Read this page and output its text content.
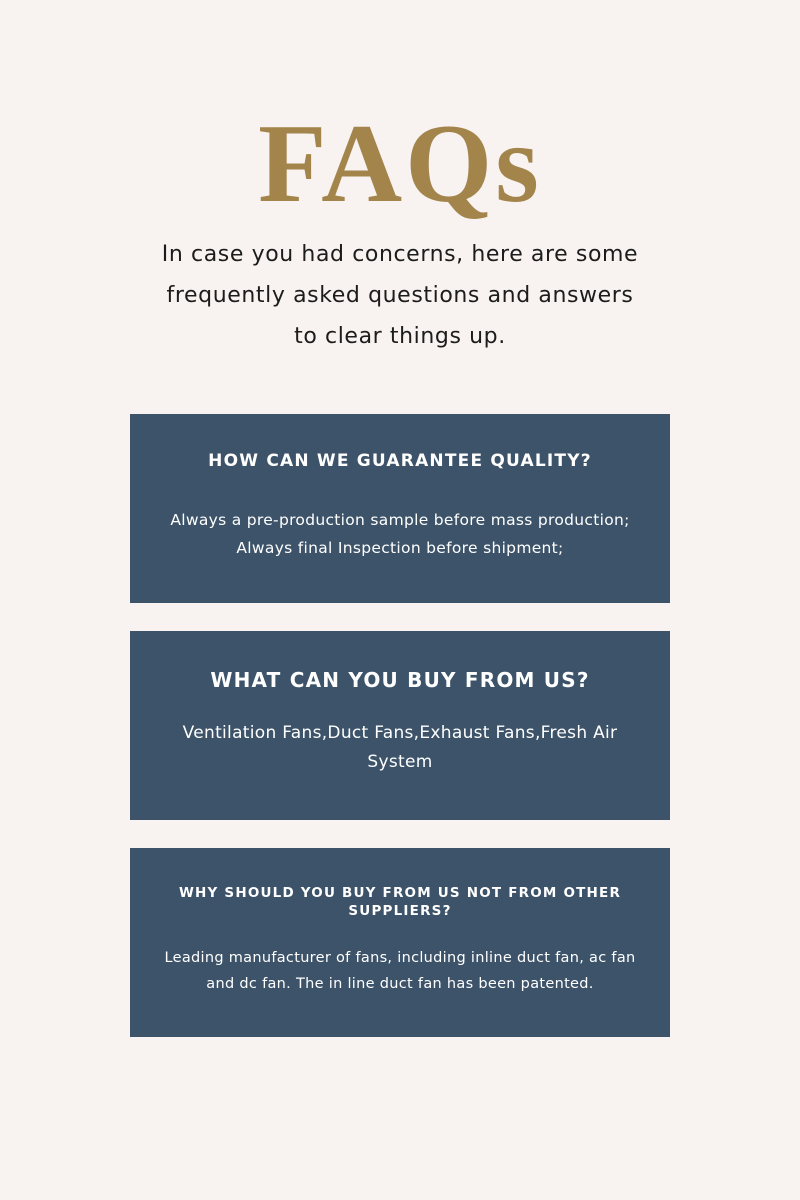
FAQs
In case you had concerns, here are some
frequently asked questions and answers
to clear things up.
HOW CAN WE GUARANTEE QUALITY?
Always a pre-production sample before mass production;
Always final Inspection before shipment;
WHAT CAN YOU BUY FROM US?
Ventilation Fans,Duct Fans,Exhaust Fans,Fresh Air
System
WHY SHOULD YOU BUY FROM US NOT FROM OTHER
SUPPLIERS?
Leading manufacturer of fans, including inline duct fan, ac fan
and dc fan. The in line duct fan has been patented.
